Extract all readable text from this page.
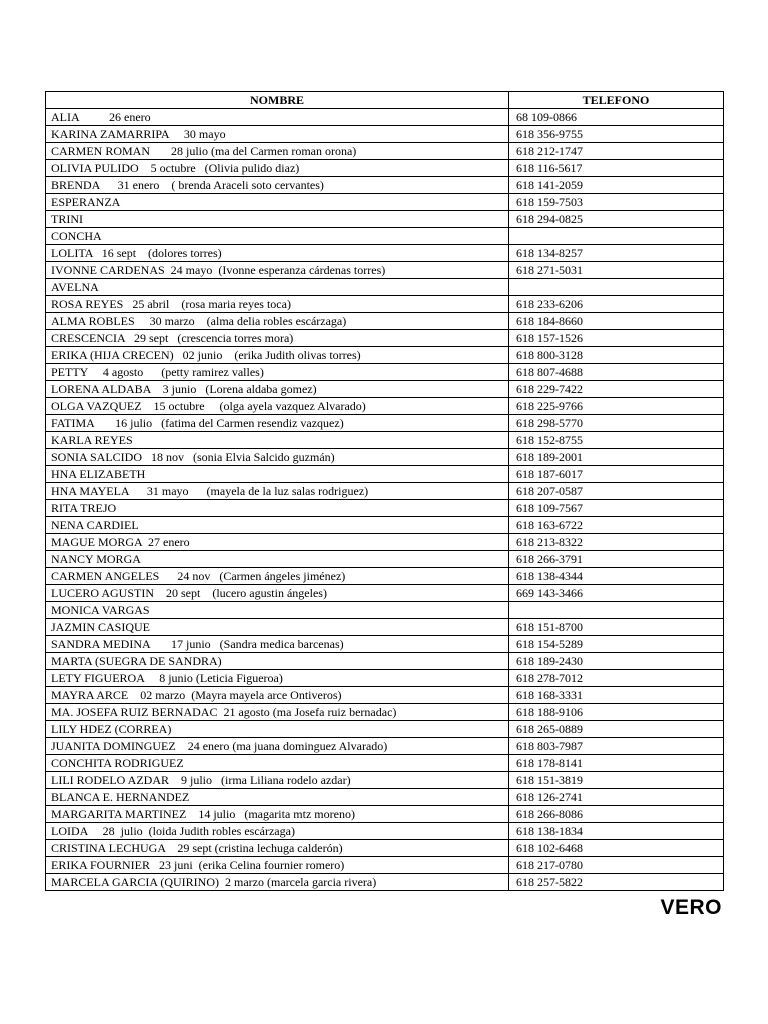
NOMBRE	TELEFONO
ALIA          26 enero	68 109-0866
KARINA ZAMARRIPA     30 mayo	618 356-9755
CARMEN ROMAN       28 julio (ma del Carmen roman orona)	618 212-1747
OLIVIA PULIDO    5 octubre   (Olivia pulido diaz)	618 116-5617
BRENDA      31 enero    ( brenda Araceli soto cervantes)	618 141-2059
ESPERANZA	618 159-7503
TRINI	618 294-0825
CONCHA	
LOLITA   16 sept    (dolores torres)	618 134-8257
IVONNE CARDENAS  24 mayo  (Ivonne esperanza cárdenas torres)	618 271-5031
AVELNA	
ROSA REYES   25 abril    (rosa maria reyes toca)	618 233-6206
ALMA ROBLES     30 marzo    (alma delia robles escárzaga)	618 184-8660
CRESCENCIA   29 sept   (crescencia torres mora)	618 157-1526
ERIKA (HIJA CRECEN)   02 junio    (erika Judith olivas torres)	618 800-3128
PETTY     4 agosto      (petty ramirez valles)	618 807-4688
LORENA ALDABA    3 junio   (Lorena aldaba gomez)	618 229-7422
OLGA VAZQUEZ    15 octubre     (olga ayela vazquez Alvarado)	618 225-9766
FATIMA       16 julio   (fatima del Carmen resendiz vazquez)	618 298-5770
KARLA REYES	618 152-8755
SONIA SALCIDO   18 nov   (sonia Elvia Salcido guzmán)	618 189-2001
HNA ELIZABETH	618 187-6017
HNA MAYELA      31 mayo      (mayela de la luz salas rodriguez)	618 207-0587
RITA TREJO	618 109-7567
NENA CARDIEL	618 163-6722
MAGUE MORGA  27 enero	618 213-8322
NANCY MORGA	618 266-3791
CARMEN ANGELES      24 nov   (Carmen ángeles jiménez)	618 138-4344
LUCERO AGUSTIN    20 sept    (lucero agustin ángeles)	669 143-3466
MONICA VARGAS	
JAZMIN CASIQUE	618 151-8700
SANDRA MEDINA       17 junio   (Sandra medica barcenas)	618 154-5289
MARTA (SUEGRA DE SANDRA)	618 189-2430
LETY FIGUEROA     8 junio (Leticia Figueroa)	618 278-7012
MAYRA ARCE    02 marzo  (Mayra mayela arce Ontiveros)	618 168-3331
MA. JOSEFA RUIZ BERNADAC  21 agosto (ma Josefa ruiz bernadac)	618 188-9106
LILY HDEZ (CORREA)	618 265-0889
JUANITA DOMINGUEZ    24 enero (ma juana dominguez Alvarado)	618 803-7987
CONCHITA RODRIGUEZ	618 178-8141
LILI RODELO AZDAR    9 julio   (irma Liliana rodelo azdar)	618 151-3819
BLANCA E. HERNANDEZ	618 126-2741
MARGARITA MARTINEZ    14 julio   (magarita mtz moreno)	618 266-8086
LOIDA     28  julio  (loida Judith robles escárzaga)	618 138-1834
CRISTINA LECHUGA    29 sept (cristina lechuga calderón)	618 102-6468
ERIKA FOURNIER   23 juni  (erika Celina fournier romero)	618 217-0780
MARCELA GARCIA (QUIRINO)  2 marzo (marcela garcia rivera)	618 257-5822
VERO
